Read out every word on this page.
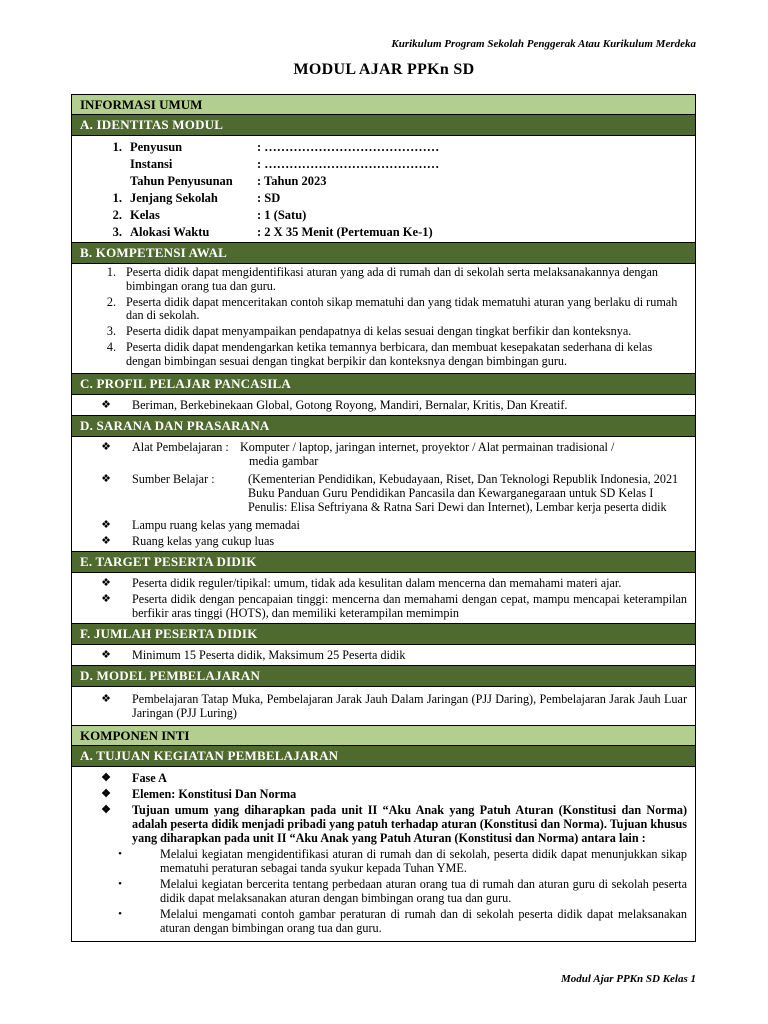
Kurikulum Program Sekolah Penggerak Atau Kurikulum Merdeka
MODUL AJAR PPKn SD
INFORMASI UMUM
A. IDENTITAS MODUL
1. Penyusun	: ……………………………………
Instansi	: ……………………………………
Tahun Penyusunan	: Tahun 2023
1. Jenjang Sekolah	: SD
2. Kelas	: 1 (Satu)
3. Alokasi Waktu	: 2 X 35 Menit (Pertemuan Ke-1)
B. KOMPETENSI AWAL
1. Peserta didik dapat mengidentifikasi aturan yang ada di rumah dan di sekolah serta melaksanakannya dengan bimbingan orang tua dan guru.
2. Peserta didik dapat menceritakan contoh sikap mematuhi dan yang tidak mematuhi aturan yang berlaku di rumah dan di sekolah.
3. Peserta didik dapat menyampaikan pendapatnya di kelas sesuai dengan tingkat berfikir dan konteksnya.
4. Peserta didik dapat mendengarkan ketika temannya berbicara, dan membuat kesepakatan sederhana di kelas dengan bimbingan sesuai dengan tingkat berpikir dan konteksnya dengan bimbingan guru.
C. PROFIL PELAJAR PANCASILA
❖	Beriman, Berkebinekaan Global, Gotong Royong, Mandiri, Bernalar, Kritis, Dan Kreatif.
D. SARANA DAN PRASARANA
❖	Alat Pembelajaran : Komputer / laptop, jaringan internet, proyektor / Alat permainan tradisional /
media gambar
❖	Sumber Belajar :	(Kementerian Pendidikan, Kebudayaan, Riset, Dan Teknologi Republik Indonesia, 2021 Buku Panduan Guru Pendidikan Pancasila dan Kewarganegaraan untuk SD Kelas I Penulis: Elisa Seftriyana & Ratna Sari Dewi dan Internet), Lembar kerja peserta didik
❖	Lampu ruang kelas yang memadai
❖	Ruang kelas yang cukup luas
E. TARGET PESERTA DIDIK
❖	Peserta didik reguler/tipikal: umum, tidak ada kesulitan dalam mencerna dan memahami materi ajar.
❖	Peserta didik dengan pencapaian tinggi: mencerna dan memahami dengan cepat, mampu mencapai keterampilan berfikir aras tinggi (HOTS), dan memiliki keterampilan memimpin
F. JUMLAH PESERTA DIDIK
❖	Minimum 15 Peserta didik, Maksimum 25 Peserta didik
D. MODEL PEMBELAJARAN
❖	Pembelajaran Tatap Muka, Pembelajaran Jarak Jauh Dalam Jaringan (PJJ Daring), Pembelajaran Jarak Jauh Luar Jaringan (PJJ Luring)
KOMPONEN INTI
A. TUJUAN KEGIATAN PEMBELAJARAN
❖	Fase A
❖	Elemen: Konstitusi Dan Norma
❖	Tujuan umum yang diharapkan pada unit II “Aku Anak yang Patuh Aturan (Konstitusi dan Norma) adalah peserta didik menjadi pribadi yang patuh terhadap aturan (Konstitusi dan Norma). Tujuan khusus yang diharapkan pada unit II “Aku Anak yang Patuh Aturan (Konstitusi dan Norma) antara lain :
•	Melalui kegiatan mengidentifikasi aturan di rumah dan di sekolah, peserta didik dapat menunjukkan sikap mematuhi peraturan sebagai tanda syukur kepada Tuhan YME.
•	Melalui kegiatan bercerita tentang perbedaan aturan orang tua di rumah dan aturan guru di sekolah peserta didik dapat melaksanakan aturan dengan bimbingan orang tua dan guru.
•	Melalui mengamati contoh gambar peraturan di rumah dan di sekolah peserta didik dapat melaksanakan aturan dengan bimbingan orang tua dan guru.
Modul Ajar PPKn SD Kelas 1
